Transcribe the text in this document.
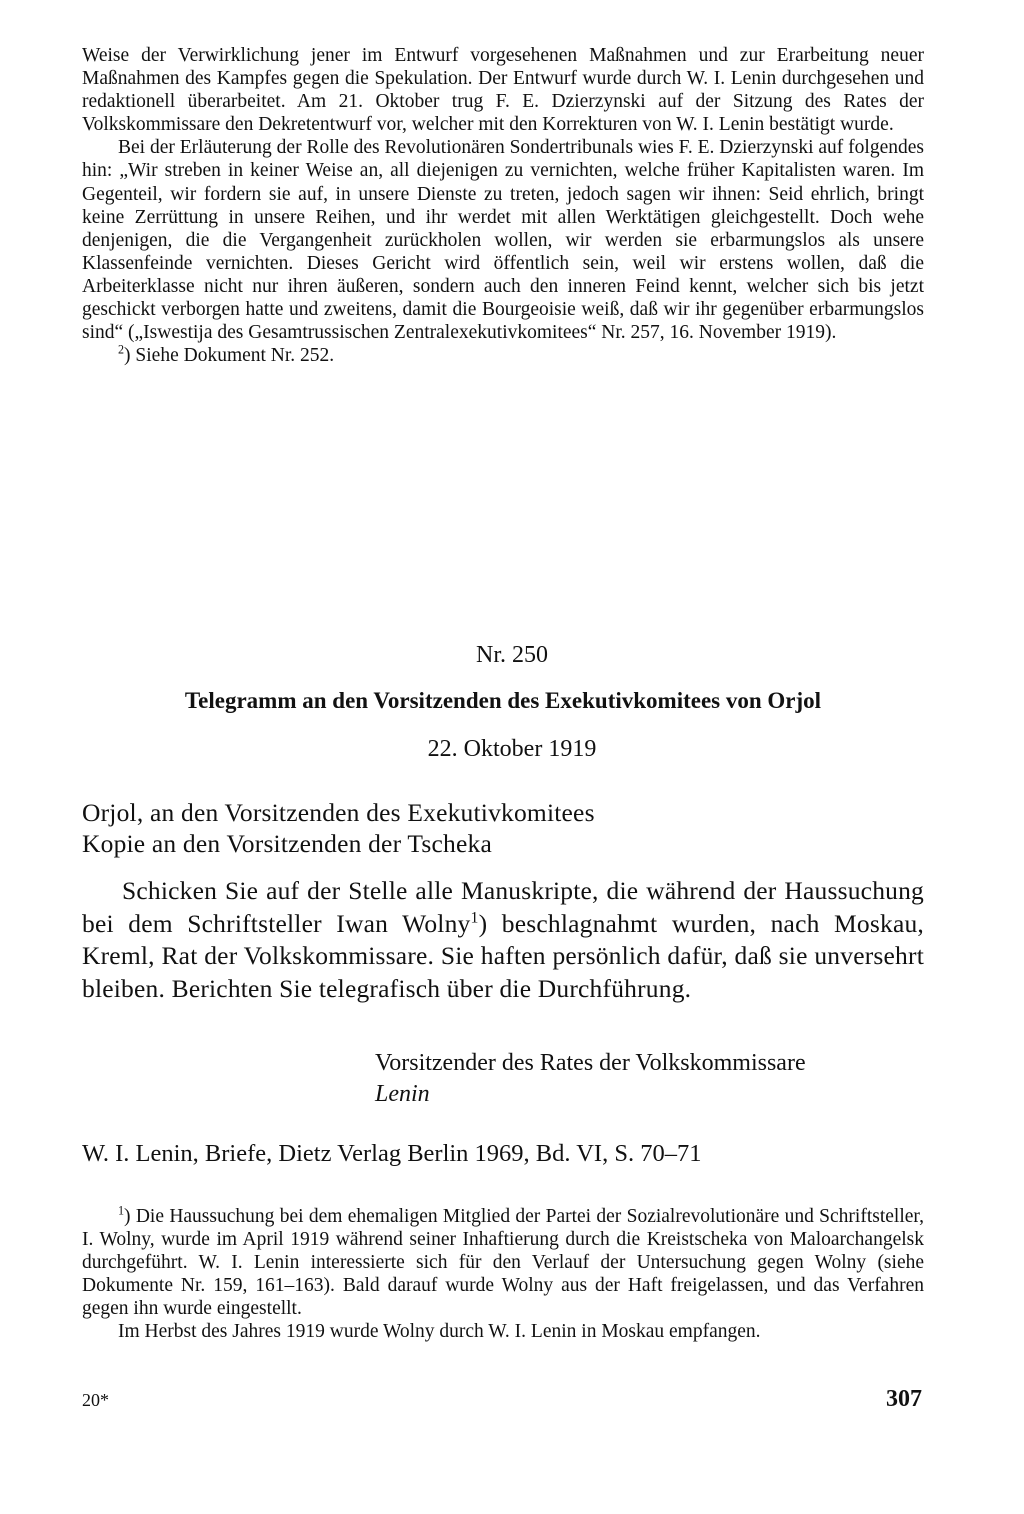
Weise der Verwirklichung jener im Entwurf vorgesehenen Maßnahmen und zur Erarbeitung neuer Maßnahmen des Kampfes gegen die Spekulation. Der Entwurf wurde durch W. I. Lenin durchgesehen und redaktionell überarbeitet. Am 21. Oktober trug F. E. Dzierzynski auf der Sitzung des Rates der Volkskommissare den Dekretentwurf vor, welcher mit den Korrekturen von W. I. Lenin bestätigt wurde.

Bei der Erläuterung der Rolle des Revolutionären Sondertribunals wies F. E. Dzierzynski auf folgendes hin: „Wir streben in keiner Weise an, all diejenigen zu vernichten, welche früher Kapitalisten waren. Im Gegenteil, wir fordern sie auf, in unsere Dienste zu treten, jedoch sagen wir ihnen: Seid ehrlich, bringt keine Zerrüttung in unsere Reihen, und ihr werdet mit allen Werktätigen gleichgestellt. Doch wehe denjenigen, die die Vergangenheit zurückholen wollen, wir werden sie erbarmungslos als unsere Klassenfeinde vernichten. Dieses Gericht wird öffentlich sein, weil wir erstens wollen, daß die Arbeiterklasse nicht nur ihren äußeren, sondern auch den inneren Feind kennt, welcher sich bis jetzt geschickt verborgen hatte und zweitens, damit die Bourgeoisie weiß, daß wir ihr gegenüber erbarmungslos sind“ („Iswestija des Gesamtrussischen Zentralexekutivkomitees“ Nr. 257, 16. November 1919).

$^2$) Siehe Dokument Nr. 252.

Nr. 250
Telegramm an den Vorsitzenden des Exekutivkomitees von Orjol
22. Oktober 1919
Orjol, an den Vorsitzenden des Exekutivkomitees
Kopie an den Vorsitzenden der Tscheka

Schicken Sie auf der Stelle alle Manuskripte, die während der Haussuchung bei dem Schriftsteller Iwan Wolny$^1$) beschlagnahmt wurden, nach Moskau, Kreml, Rat der Volkskommissare. Sie haften persönlich dafür, daß sie unversehrt bleiben. Berichten Sie telegrafisch über die Durchführung.

Vorsitzender des Rates der Volkskommissare
Lenin
W. I. Lenin, Briefe, Dietz Verlag Berlin 1969, Bd. VI, S. 70–71

$^1$) Die Haussuchung bei dem ehemaligen Mitglied der Partei der Sozialrevolutionäre und Schriftsteller, I. Wolny, wurde im April 1919 während seiner Inhaftierung durch die Kreistscheka von Maloarchangelsk durchgeführt. W. I. Lenin interessierte sich für den Verlauf der Untersuchung gegen Wolny (siehe Dokumente Nr. 159, 161–163). Bald darauf wurde Wolny aus der Haft freigelassen, und das Verfahren gegen ihn wurde eingestellt.

Im Herbst des Jahres 1919 wurde Wolny durch W. I. Lenin in Moskau empfangen.

20*	307
